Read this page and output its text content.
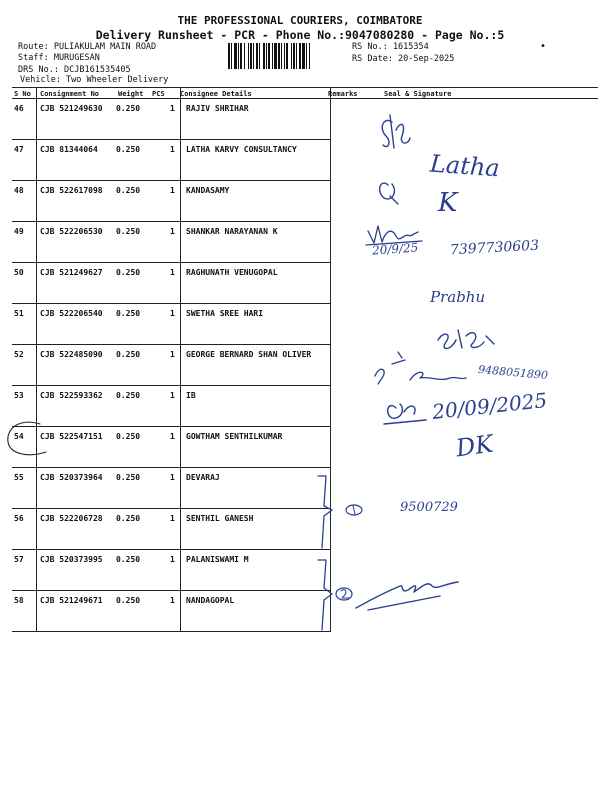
THE PROFESSIONAL COURIERS, COIMBATORE
Delivery Runsheet - PCR - Phone No.:9047080280 - Page No.:5
Route: PULIAKULAM MAIN ROAD
Staff: MURUGESAN
DRS No.: DCJB161535405
Vehicle: Two Wheeler Delivery
RS No.: 1615354
RS Date: 20-Sep-2025
•
S No Consignment No	Weight PCS Consignee Details	Remarks	Seal & Signature
46 CJB 521249630 0.250	1 RAJIV SHRIHAR
47 CJB 81344064 0.250	1 LATHA KARVY CONSULTANCY
48 CJB 522617098 0.250	1 KANDASAMY
49 CJB 522206530 0.250	1 SHANKAR NARAYANAN K
50 CJB 521249627 0.250	1 RAGHUNATH VENUGOPAL
51 CJB 522206540 0.250	1 SWETHA SREE HARI
52 CJB 522485090 0.250	1 GEORGE BERNARD SHAN OLIVER
53 CJB 522593362 0.250	1 IB
54 CJB 522547151 0.250	1 GOWTHAM SENTHILKUMAR
55 CJB 520373964 0.250	1 DEVARAJ
56 CJB 522206728 0.250	1 SENTHIL GANESH
57 CJB 520373995 0.250	1 PALANISWAMI M
58 CJB 521249671 0.250	1 NANDAGOPAL
Latha
K
20/9/25 7397730603
Prabhu
9488051890
20/09/2025
DK
9500729
